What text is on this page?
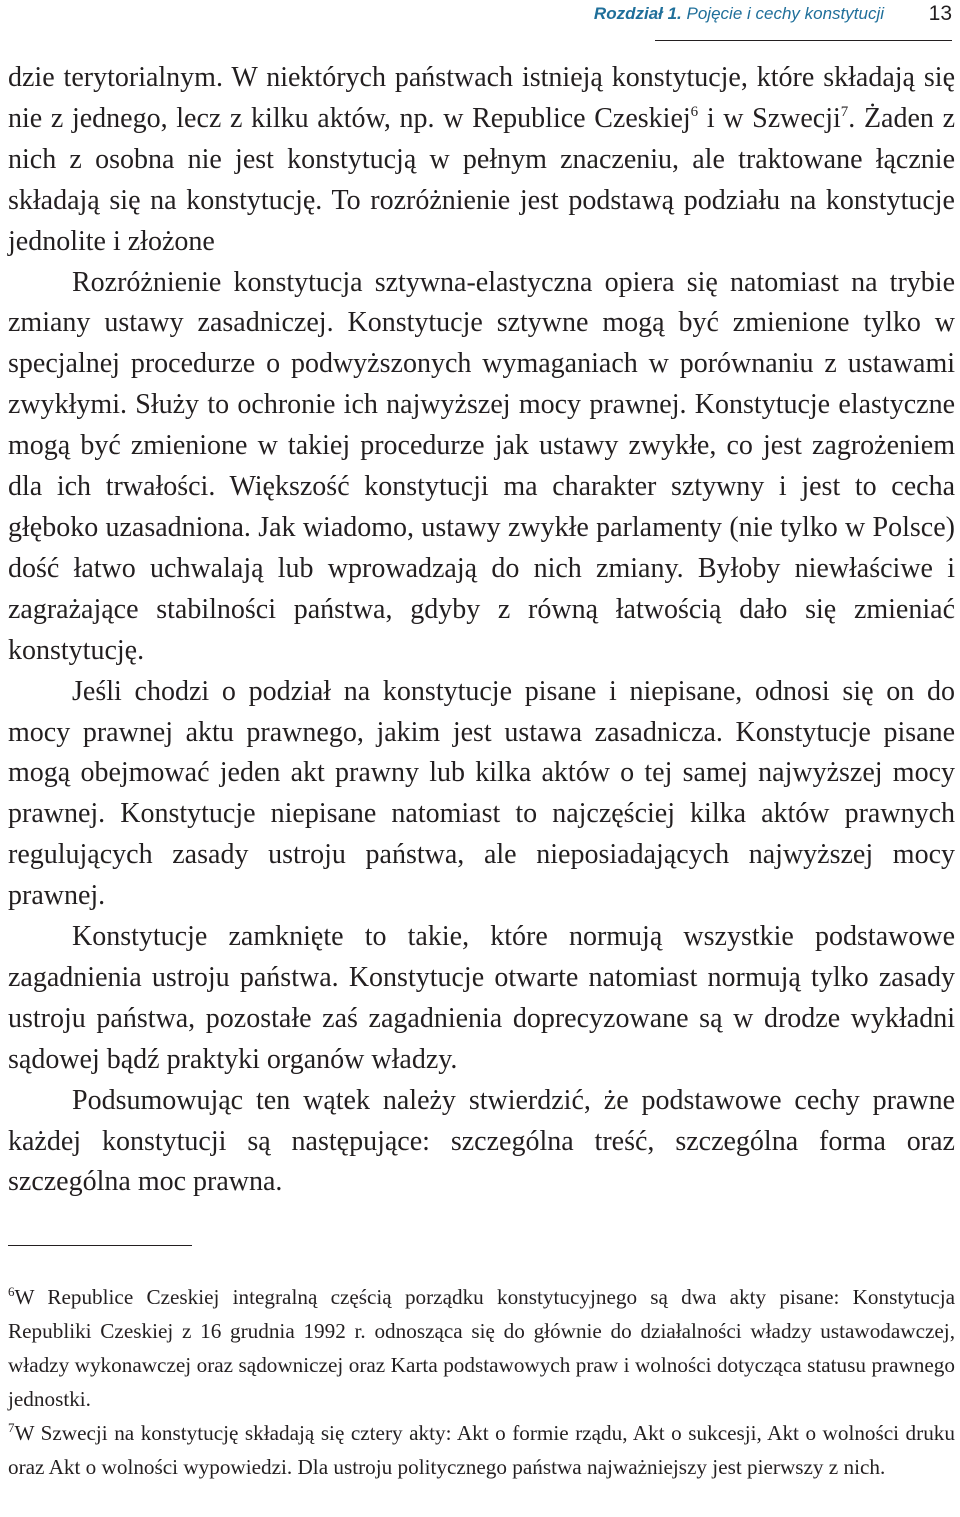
Rozdział 1. Pojęcie i cechy konstytucji 13

dzie terytorialnym. W niektórych państwach istnieją konstytucje, które składają się nie z jednego, lecz z kilku aktów, np. w Republice Czeskiej$^6$ i w Szwecji$^7$. Żaden z nich z osobna nie jest konstytucją w pełnym znaczeniu, ale traktowane łącznie składają się na konstytucję. To rozróżnienie jest podstawą podziału na konstytucje jednolite i złożone

Rozróżnienie konstytucja sztywna-elastyczna opiera się natomiast na trybie zmiany ustawy zasadniczej. Konstytucje sztywne mogą być zmienione tylko w specjalnej procedurze o podwyższonych wymaganiach w porównaniu z ustawami zwykłymi. Służy to ochronie ich najwyższej mocy prawnej. Konstytucje elastyczne mogą być zmienione w takiej procedurze jak ustawy zwykłe, co jest zagrożeniem dla ich trwałości. Większość konstytucji ma charakter sztywny i jest to cecha głęboko uzasadniona. Jak wiadomo, ustawy zwykłe parlamenty (nie tylko w Polsce) dość łatwo uchwalają lub wprowadzają do nich zmiany. Byłoby niewłaściwe i zagrażające stabilności państwa, gdyby z równą łatwością dało się zmieniać konstytucję.

Jeśli chodzi o podział na konstytucje pisane i niepisane, odnosi się on do mocy prawnej aktu prawnego, jakim jest ustawa zasadnicza. Konstytucje pisane mogą obejmować jeden akt prawny lub kilka aktów o tej samej najwyższej mocy prawnej. Konstytucje niepisane natomiast to najczęściej kilka aktów prawnych regulujących zasady ustroju państwa, ale nieposiadających najwyższej mocy prawnej.

Konstytucje zamknięte to takie, które normują wszystkie podstawowe zagadnienia ustroju państwa. Konstytucje otwarte natomiast normują tylko zasady ustroju państwa, pozostałe zaś zagadnienia doprecyzowane są w drodze wykładni sądowej bądź praktyki organów władzy.

Podsumowując ten wątek należy stwierdzić, że podstawowe cechy prawne każdej konstytucji są następujące: szczególna treść, szczególna forma oraz szczególna moc prawna.

$^6$W Republice Czeskiej integralną częścią porządku konstytucyjnego są dwa akty pisane: Konstytucja Republiki Czeskiej z 16 grudnia 1992 r. odnosząca się do głównie do działalności władzy ustawodawczej, władzy wykonawczej oraz sądowniczej oraz Karta podstawowych praw i wolności dotycząca statusu prawnego jednostki.

$^7$W Szwecji na konstytucję składają się cztery akty: Akt o formie rządu, Akt o sukcesji, Akt o wolności druku oraz Akt o wolności wypowiedzi. Dla ustroju politycznego państwa najważniejszy jest pierwszy z nich.
